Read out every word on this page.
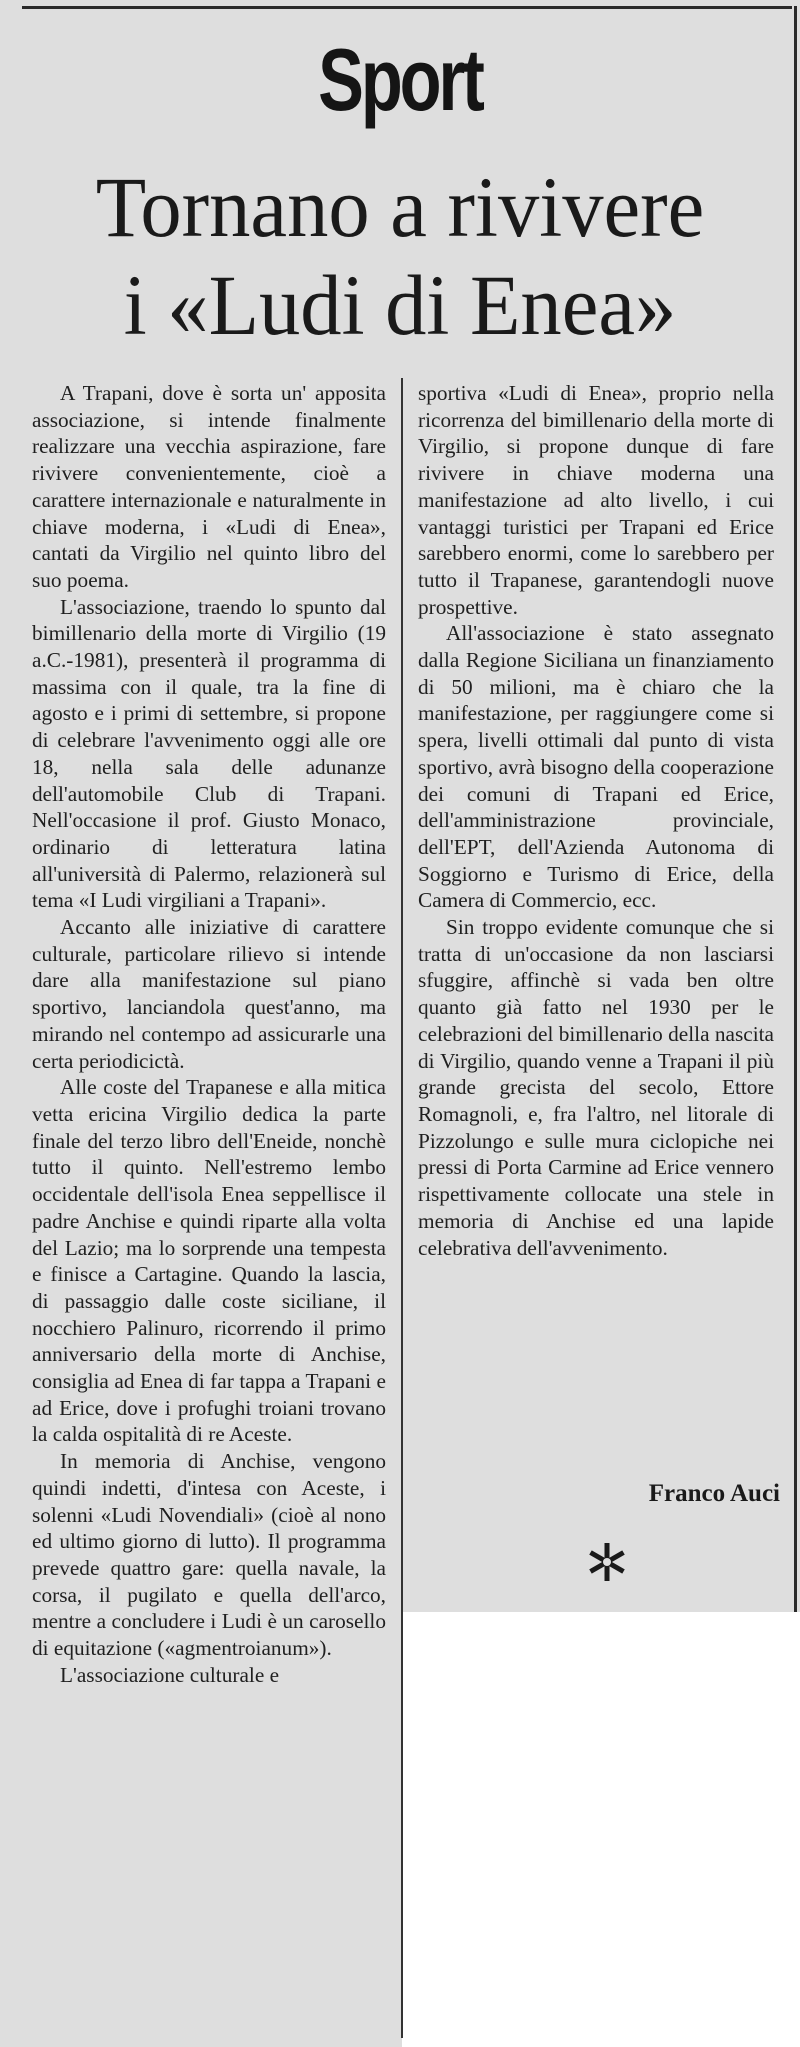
Sport
Tornano a rivivere
i «Ludi di Enea»

A Trapani, dove è sorta un' apposita associazione, si intende finalmente realizzare una vecchia aspirazione, fare rivivere convenientemente, cioè a carattere internazionale e naturalmente in chiave moderna, i «Ludi di Enea», cantati da Virgilio nel quinto libro del suo poema.

L'associazione, traendo lo spunto dal bimillenario della morte di Virgilio (19 a.C.-1981), presenterà il programma di massima con il quale, tra la fine di agosto e i primi di settembre, si propone di celebrare l'avvenimento oggi alle ore 18, nella sala delle adunanze dell'automobile Club di Trapani. Nell'occasione il prof. Giusto Monaco, ordinario di letteratura latina all'università di Palermo, relazionerà sul tema «I Ludi virgiliani a Trapani».

Accanto alle iniziative di carattere culturale, particolare rilievo si intende dare alla manifestazione sul piano sportivo, lanciandola quest'anno, ma mirando nel contempo ad assicurarle una certa periodicictà.

Alle coste del Trapanese e alla mitica vetta ericina Virgilio dedica la parte finale del terzo libro dell'Eneide, nonchè tutto il quinto. Nell'estremo lembo occidentale dell'isola Enea seppellisce il padre Anchise e quindi riparte alla volta del Lazio; ma lo sorprende una tempesta e finisce a Cartagine. Quando la lascia, di passaggio dalle coste siciliane, il nocchiero Palinuro, ricorrendo il primo anniversario della morte di Anchise, consiglia ad Enea di far tappa a Trapani e ad Erice, dove i profughi troiani trovano la calda ospitalità di re Aceste.

In memoria di Anchise, vengono quindi indetti, d'intesa con Aceste, i solenni «Ludi Novendiali» (cioè al nono ed ultimo giorno di lutto). Il programma prevede quattro gare: quella navale, la corsa, il pugilato e quella dell'arco, mentre a concludere i Ludi è un carosello di equitazione («agmentroianum»).

L'associazione culturale e

sportiva «Ludi di Enea», proprio nella ricorrenza del bimillenario della morte di Virgilio, si propone dunque di fare rivivere in chiave moderna una manifestazione ad alto livello, i cui vantaggi turistici per Trapani ed Erice sarebbero enormi, come lo sarebbero per tutto il Trapanese, garantendogli nuove prospettive.

All'associazione è stato assegnato dalla Regione Siciliana un finanziamento di 50 milioni, ma è chiaro che la manifestazione, per raggiungere come si spera, livelli ottimali dal punto di vista sportivo, avrà bisogno della cooperazione dei comuni di Trapani ed Erice, dell'amministrazione provinciale, dell'EPT, dell'Azienda Autonoma di Soggiorno e Turismo di Erice, della Camera di Commercio, ecc.

Sin troppo evidente comunque che si tratta di un'occasione da non lasciarsi sfuggire, affinchè si vada ben oltre quanto già fatto nel 1930 per le celebrazioni del bimillenario della nascita di Virgilio, quando venne a Trapani il più grande grecista del secolo, Ettore Romagnoli, e, fra l'altro, nel litorale di Pizzolungo e sulle mura ciclopiche nei pressi di Porta Carmine ad Erice vennero rispettivamente collocate una stele in memoria di Anchise ed una lapide celebrativa dell'avvenimento.

Franco Auci
